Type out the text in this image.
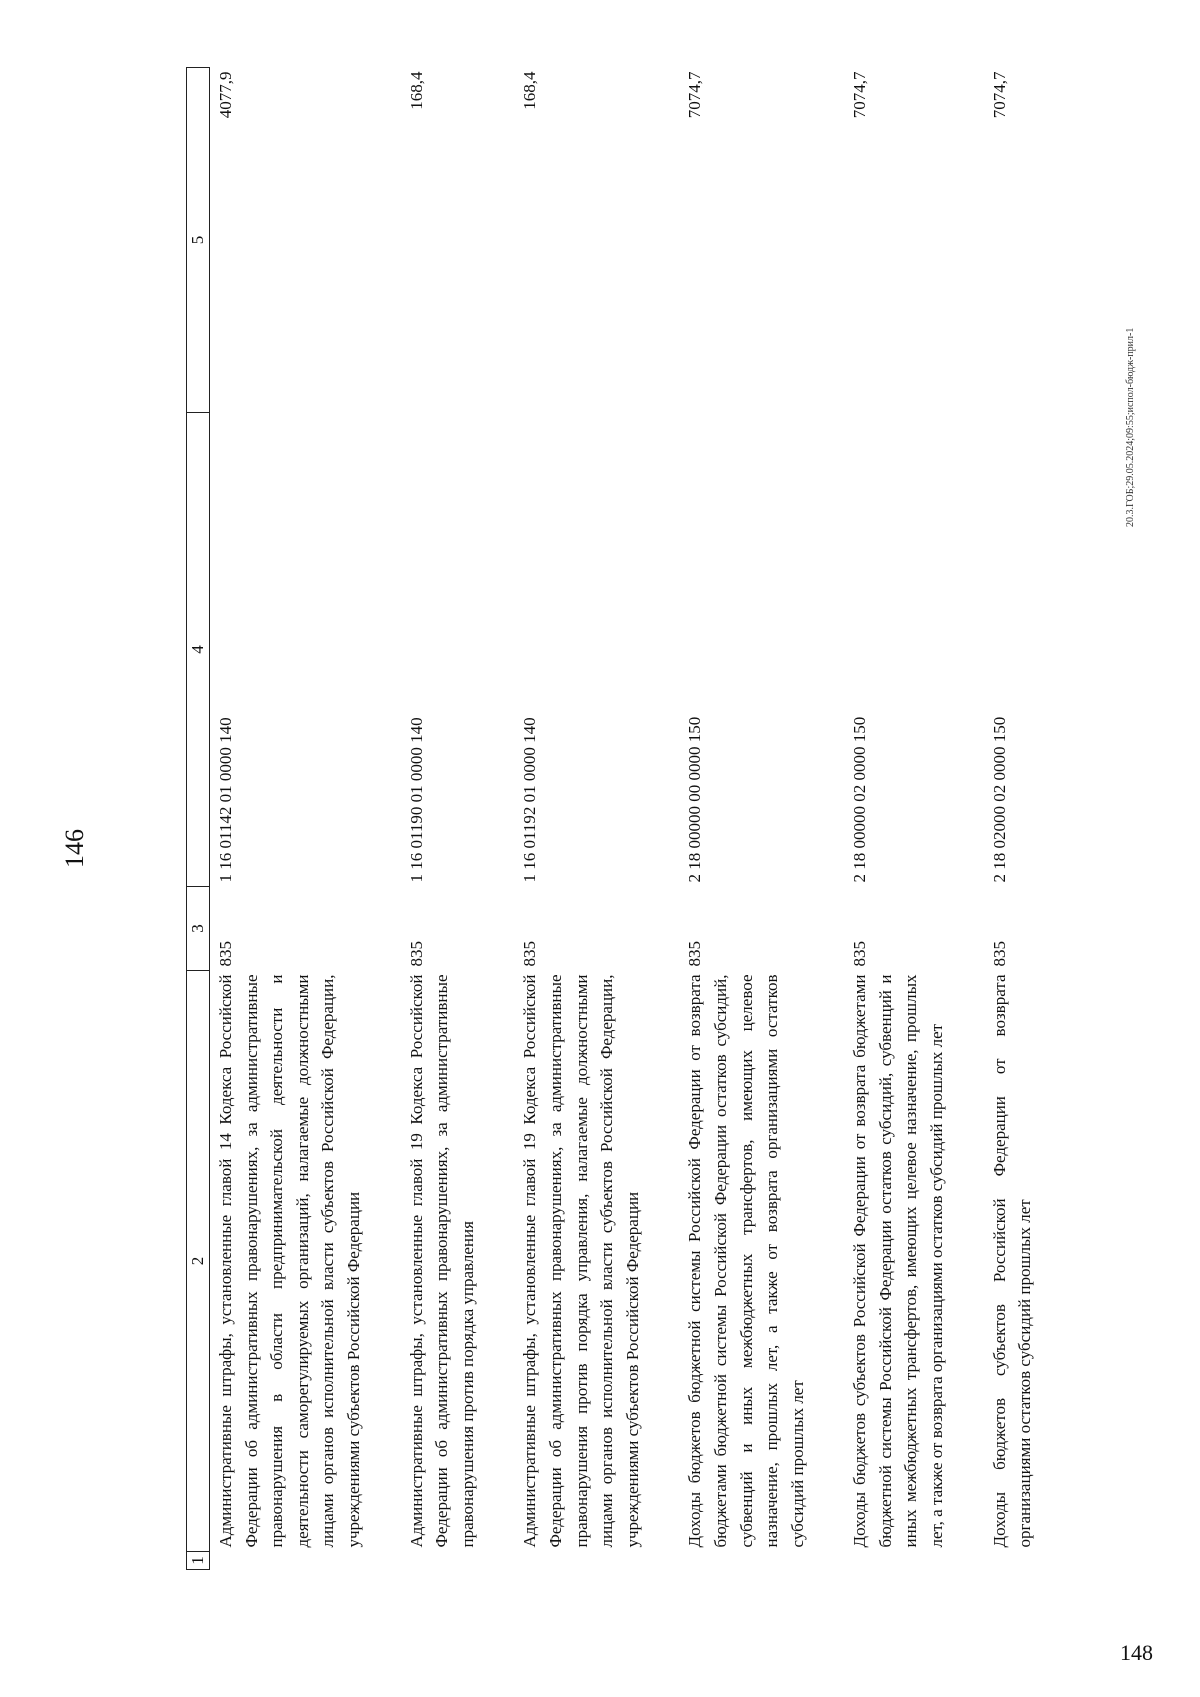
146
1	2	3	4	5
	Административные штрафы, установленные главой 14 Кодекса Российской Федерации об административных правонарушениях, за административные правонарушения в области предпринимательской деятельности и деятельности саморегулируемых организаций, налагаемые должностными лицами органов исполнительной власти субъектов Российской Федерации, учреждениями субъектов Российской Федерации	835	1 16 01142 01 0000 140	4077,9
	Административные штрафы, установленные главой 19 Кодекса Российской Федерации об административных правонарушениях, за административные правонарушения против порядка управления	835	1 16 01190 01 0000 140	168,4
	Административные штрафы, установленные главой 19 Кодекса Российской Федерации об административных правонарушениях, за административные правонарушения против порядка управления, налагаемые должностными лицами органов исполнительной власти субъектов Российской Федерации, учреждениями субъектов Российской Федерации	835	1 16 01192 01 0000 140	168,4
	Доходы бюджетов бюджетной системы Российской Федерации от возврата бюджетами бюджетной системы Российской Федерации остатков субсидий, субвенций и иных межбюджетных трансфертов, имеющих целевое назначение, прошлых лет, а также от возврата организациями остатков субсидий прошлых лет	835	2 18 00000 00 0000 150	7074,7
	Доходы бюджетов субъектов Российской Федерации от возврата бюджетами бюджетной системы Российской Федерации остатков субсидий, субвенций и иных межбюджетных трансфертов, имеющих целевое назначение, прошлых лет, а также от возврата организациями остатков субсидий прошлых лет	835	2 18 00000 02 0000 150	7074,7
	Доходы бюджетов субъектов Российской Федерации от возврата организациями остатков субсидий прошлых лет	835	2 18 02000 02 0000 150	7074,7
20.3.ГОБ;29.05.2024;09:55;испол-бюдж-прил-1
148
